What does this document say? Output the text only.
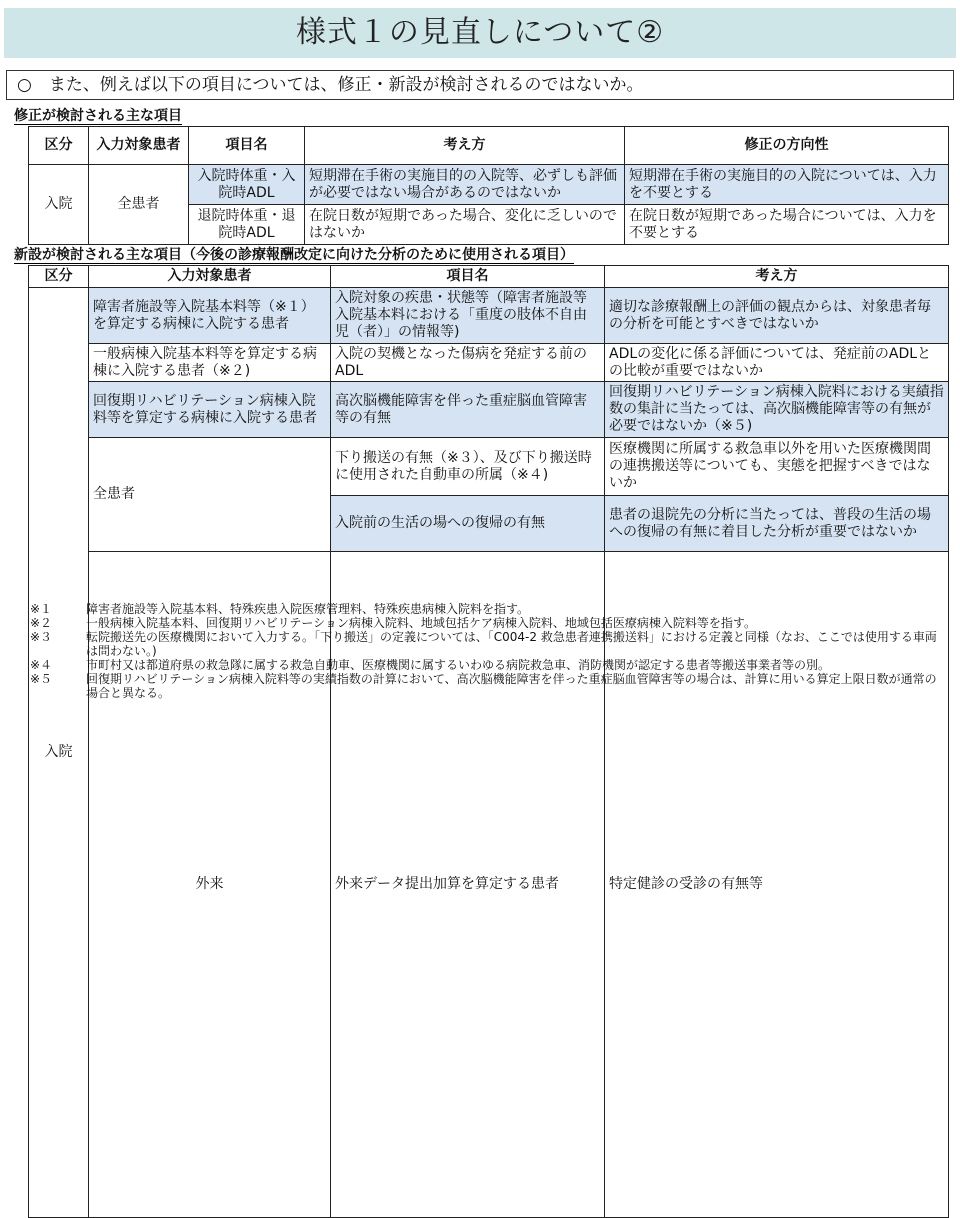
様式１の見直しについて②
○　また、例えば以下の項目については、修正・新設が検討されるのではないか。
修正が検討される主な項目
区分	入力対象患者	項目名	考え方	修正の方向性
入院	全患者	入院時体重・入院時ADL	短期滞在手術の実施目的の入院等、必ずしも評価が必要ではない場合があるのではないか	短期滞在手術の実施目的の入院については、入力を不要とする
		退院時体重・退院時ADL	在院日数が短期であった場合、変化に乏しいのではないか	在院日数が短期であった場合については、入力を不要とする
新設が検討される主な項目（今後の診療報酬改定に向けた分析のために使用される項目）
区分	入力対象患者	項目名	考え方	
入院	障害者施設等入院基本料等（※１）を算定する病棟に入院する患者	入院対象の疾患・状態等（障害者施設等入院基本料における「重度の肢体不自由児（者）」の情報等)	適切な診療報酬上の評価の観点からは、対象患者毎の分析を可能とすべきではないか	
	一般病棟入院基本料等を算定する病棟に入院する患者（※２)	入院の契機となった傷病を発症する前のADL	ADLの変化に係る評価については、発症前のADLとの比較が重要ではないか	
	回復期リハビリテーション病棟入院料等を算定する病棟に入院する患者	高次脳機能障害を伴った重症脳血管障害等の有無	回復期リハビリテーション病棟入院料における実績指数の集計に当たっては、高次脳機能障害等の有無が必要ではないか（※５)	
	全患者	下り搬送の有無（※３）、及び下り搬送時に使用された自動車の所属（※４)	医療機関に所属する救急車以外を用いた医療機関間の連携搬送等についても、実態を把握すべきではないか	
		入院前の生活の場への復帰の有無	患者の退院先の分析に当たっては、普段の生活の場への復帰の有無に着目した分析が重要ではないか	
	外来	外来データ提出加算を算定する患者	特定健診の受診の有無等	
※１	障害者施設等入院基本料、特殊疾患入院医療管理料、特殊疾患病棟入院料を指す。
※２	一般病棟入院基本料、回復期リハビリテーション病棟入院料、地域包括ケア病棟入院料、地域包括医療病棟入院料等を指す。
※３	転院搬送先の医療機関において入力する。「下り搬送」の定義については、「C004-2 救急患者連携搬送料」における定義と同様（なお、ここでは使用する車両は問わない。)
※４	市町村又は都道府県の救急隊に属する救急自動車、医療機関に属するいわゆる病院救急車、消防機関が認定する患者等搬送事業者等の別。
※５	回復期リハビリテーション病棟入院料等の実績指数の計算において、高次脳機能障害を伴った重症脳血管障害等の場合は、計算に用いる算定上限日数が通常の場合と異なる。
